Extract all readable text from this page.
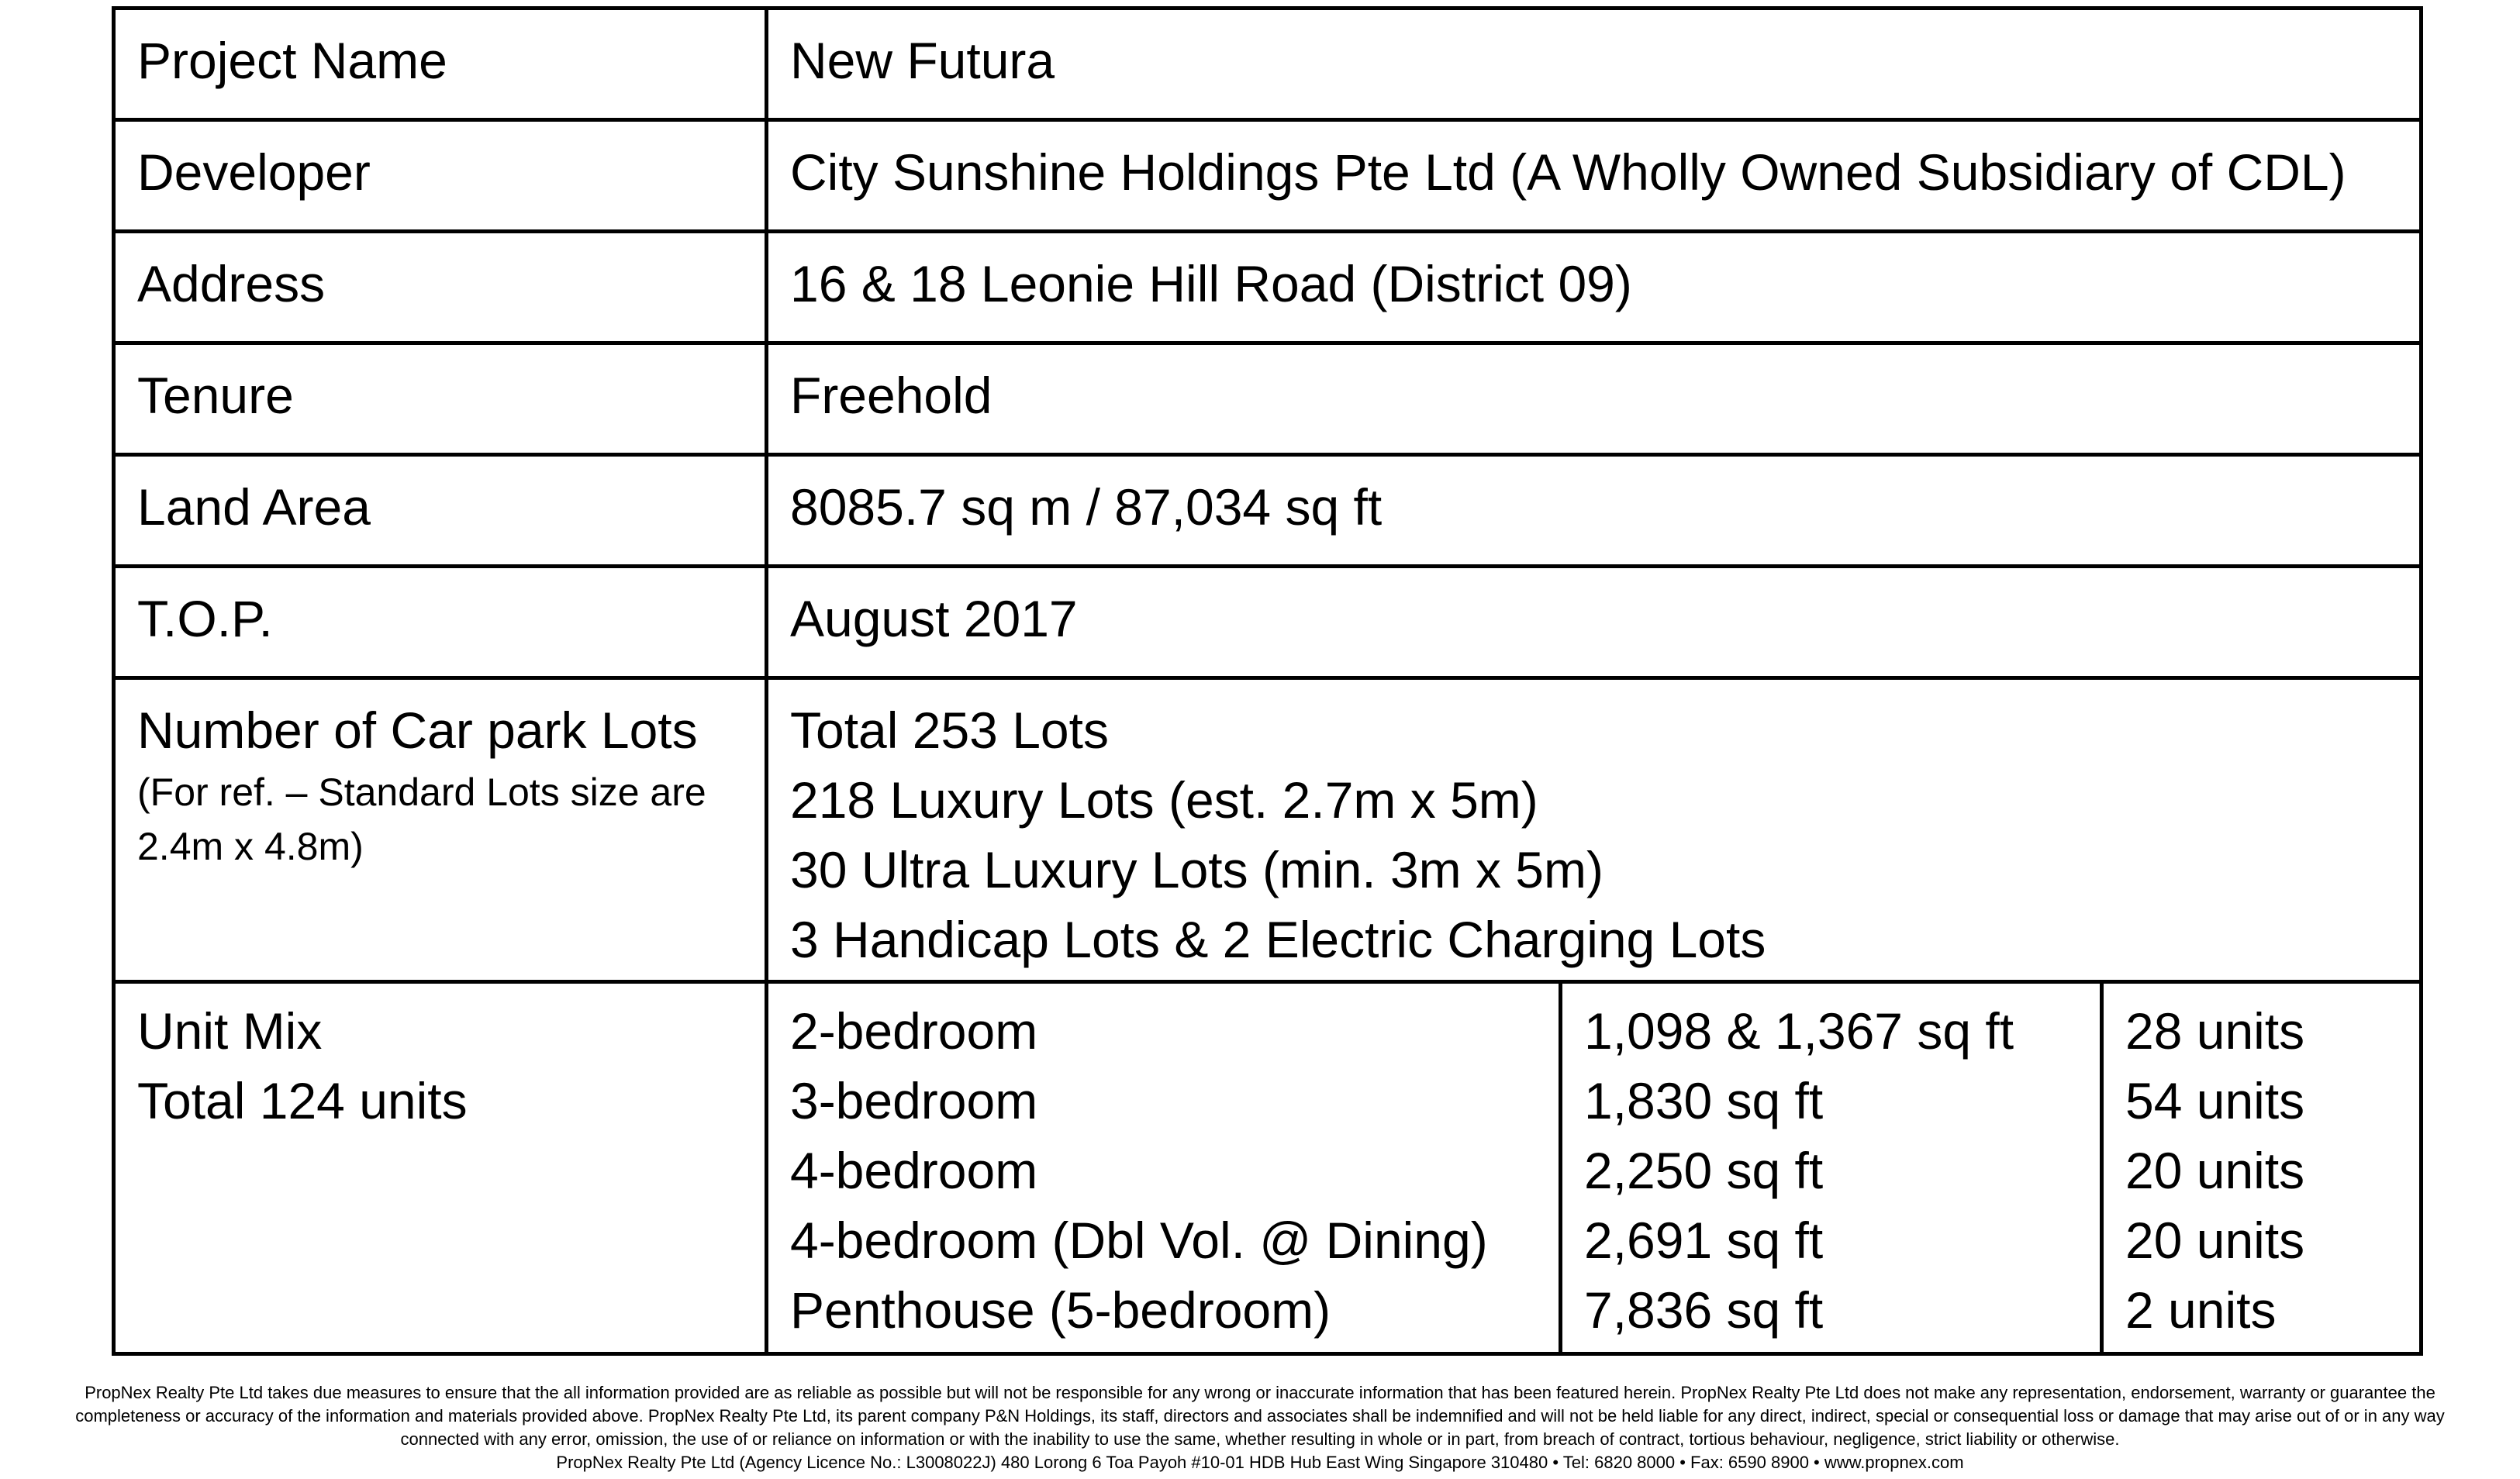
Project Name	New Futura		
Developer	City Sunshine Holdings Pte Ltd (A Wholly Owned Subsidiary of CDL)		
Address	16 & 18 Leonie Hill Road (District 09)		
Tenure	Freehold		
Land Area	8085.7 sq m / 87,034 sq ft		
T.O.P.	August 2017		

Number of Car park Lots
(For ref. – Standard Lots size are
2.4m x 4.8m)	Total 253 Lots
218 Luxury Lots (est. 2.7m x 5m)
30 Ultra Luxury Lots (min. 3m x 5m)
3 Handicap Lots & 2 Electric Charging Lots		

Unit Mix
Total 124 units	2-bedroom
3-bedroom
4-bedroom
4-bedroom (Dbl Vol. @ Dining)
Penthouse (5-bedroom)	1,098 & 1,367 sq ft
1,830 sq ft
2,250 sq ft
2,691 sq ft
7,836 sq ft	28 units
54 units
20 units
20 units
2 units
PropNex Realty Pte Ltd takes due measures to ensure that the all information provided are as reliable as possible but will not be responsible for any wrong or inaccurate information that has been featured herein. PropNex Realty Pte Ltd does not make any representation, endorsement, warranty or guarantee the
completeness or accuracy of the information and materials provided above. PropNex Realty Pte Ltd, its parent company P&N Holdings, its staff, directors and associates shall be indemnified and will not be held liable for any direct, indirect, special or consequential loss or damage that may arise out of or in any way
connected with any error, omission, the use of or reliance on information or with the inability to use the same, whether resulting in whole or in part, from breach of contract, tortious behaviour, negligence, strict liability or otherwise.
PropNex Realty Pte Ltd (Agency Licence No.: L3008022J) 480 Lorong 6 Toa Payoh #10-01 HDB Hub East Wing Singapore 310480 • Tel: 6820 8000 • Fax: 6590 8900 • www.propnex.com
